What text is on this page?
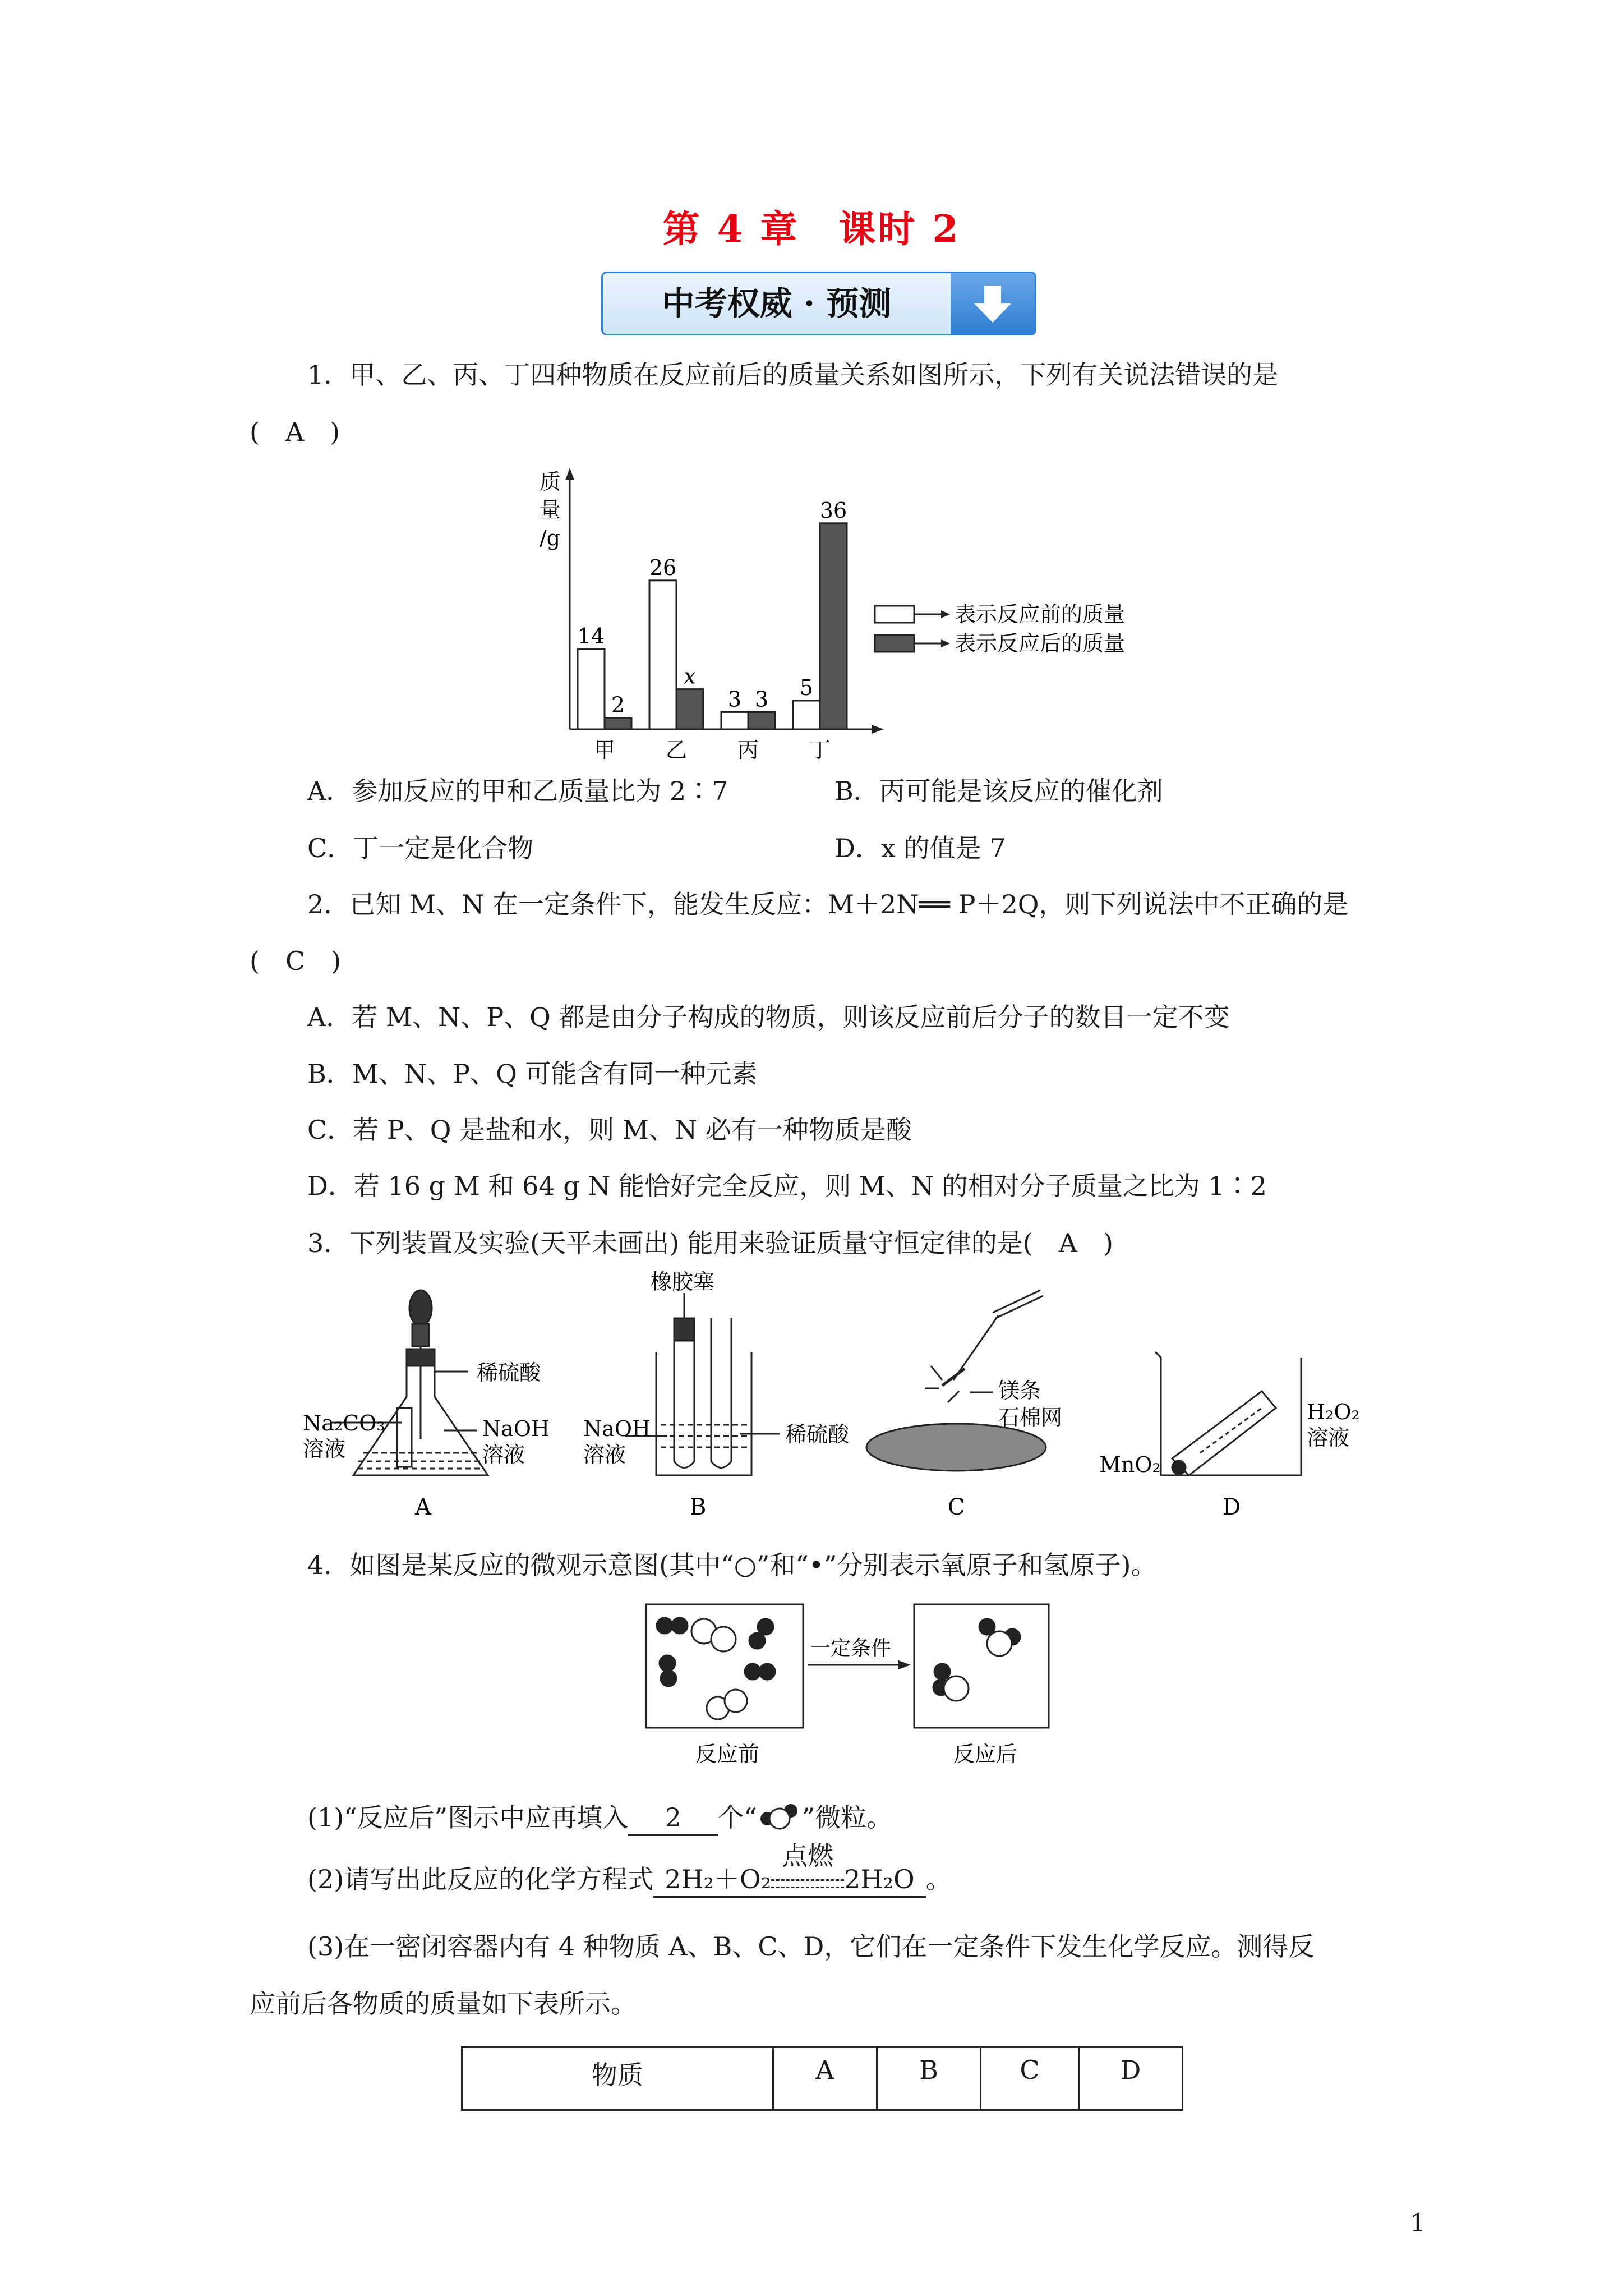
第 4 章　课时 2
中考权威 · 预测
1．甲、乙、丙、丁四种物质在反应前后的质量关系如图所示，下列有关说法错误的是
(　A　)
质
量
/g
14
2
26
x
3 3 5
36
甲 乙 丙 丁
表示反应前的质量
表示反应后的质量
A．参加反应的甲和乙质量比为 2∶7	B．丙可能是该反应的催化剂
C．丁一定是化合物	D．x 的值是 7
2．已知 M、N 在一定条件下，能发生反应：M＋2N══ P＋2Q，则下列说法中不正确的是
(　C　)
A．若 M、N、P、Q 都是由分子构成的物质，则该反应前后分子的数目一定不变
B．M、N、P、Q 可能含有同一种元素
C．若 P、Q 是盐和水，则 M、N 必有一种物质是酸
D．若 16 g M 和 64 g N 能恰好完全反应，则 M、N 的相对分子质量之比为 1∶2
3．下列装置及实验(天平未画出) 能用来验证质量守恒定律的是(　A　)
稀硫酸
Na₂CO₃
溶液
NaOH
溶液
A
橡胶塞
NaOH
溶液
稀硫酸
B
镁条
石棉网
C
H₂O₂
溶液
MnO₂
D
4．如图是某反应的微观示意图(其中“○”和“•”分别表示氧原子和氢原子)。
一定条件
反应前	反应后
(1)“反应后”图示中应再填入 2 个“ ”微粒。
(2)请写出此反应的化学方程式 2H₂＋O₂
点燃
2H₂O 。
(3)在一密闭容器内有 4 种物质 A、B、C、D，它们在一定条件下发生化学反应。测得反
应前后各物质的质量如下表所示。
物质	A	B	C	D
1
